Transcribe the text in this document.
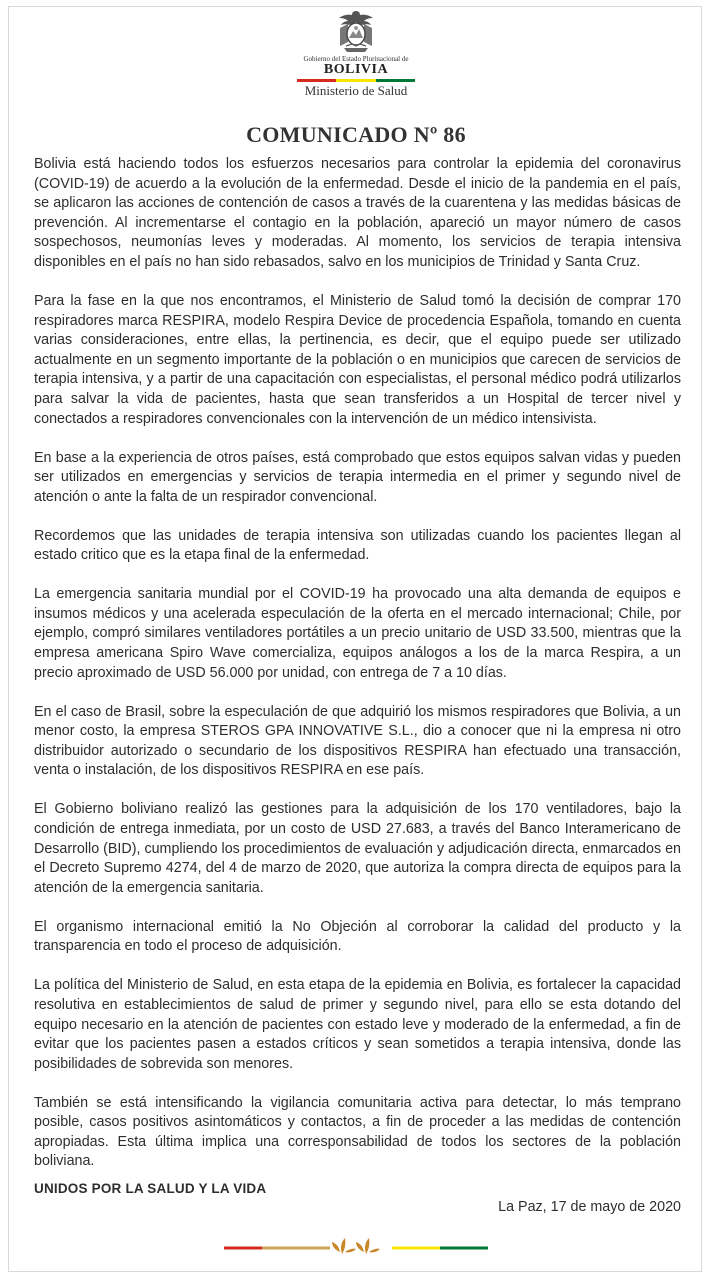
Gobierno del Estado Plurinacional de
BOLIVIA
Ministerio de Salud
COMUNICADO Nº 86

Bolivia está haciendo todos los esfuerzos necesarios para controlar la epidemia del coronavirus (COVID-19) de acuerdo a la evolución de la enfermedad. Desde el inicio de la pandemia en el país, se aplicaron las acciones de contención de casos a través de la cuarentena y las medidas básicas de prevención. Al incrementarse el contagio en la población, apareció un mayor número de casos sospechosos, neumonías leves y moderadas. Al momento, los servicios de terapia intensiva disponibles en el país no han sido rebasados, salvo en los municipios de Trinidad y Santa Cruz.

Para la fase en la que nos encontramos, el Ministerio de Salud tomó la decisión de comprar 170 respiradores marca RESPIRA, modelo Respira Device de procedencia Española, tomando en cuenta varias consideraciones, entre ellas, la pertinencia, es decir, que el equipo puede ser utilizado actualmente en un segmento importante de la población o en municipios que carecen de servicios de terapia intensiva, y a partir de una capacitación con especialistas, el personal médico podrá utilizarlos para salvar la vida de pacientes, hasta que sean transferidos a un Hospital de tercer nivel y conectados a respiradores convencionales con la intervención de un médico intensivista.

En base a la experiencia de otros países, está comprobado que estos equipos salvan vidas y pueden ser utilizados en emergencias y servicios de terapia intermedia en el primer y segundo nivel de atención o ante la falta de un respirador convencional.

Recordemos que las unidades de terapia intensiva son utilizadas cuando los pacientes llegan al estado critico que es la etapa final de la enfermedad.

La emergencia sanitaria mundial por el COVID-19 ha provocado una alta demanda de equipos e insumos médicos y una acelerada especulación de la oferta en el mercado internacional; Chile, por ejemplo, compró similares ventiladores portátiles a un precio unitario de USD 33.500, mientras que la empresa americana Spiro Wave comercializa, equipos análogos a los de la marca Respira, a un precio aproximado de USD 56.000 por unidad, con entrega de 7 a 10 días.

En el caso de Brasil, sobre la especulación de que adquirió los mismos respiradores que Bolivia, a un menor costo, la empresa STEROS GPA INNOVATIVE S.L., dio a conocer que ni la empresa ni otro distribuidor autorizado o secundario de los dispositivos RESPIRA han efectuado una transacción, venta o instalación, de los dispositivos RESPIRA en ese país.

El Gobierno boliviano realizó las gestiones para la adquisición de los 170 ventiladores, bajo la condición de entrega inmediata, por un costo de USD 27.683, a través del Banco Interamericano de Desarrollo (BID), cumpliendo los procedimientos de evaluación y adjudicación directa, enmarcados en el Decreto Supremo 4274, del 4 de marzo de 2020, que autoriza la compra directa de equipos para la atención de la emergencia sanitaria.

El organismo internacional emitió la No Objeción al corroborar la calidad del producto y la transparencia en todo el proceso de adquisición.

La política del Ministerio de Salud, en esta etapa de la epidemia en Bolivia, es fortalecer la capacidad resolutiva en establecimientos de salud de primer y segundo nivel, para ello se esta dotando del equipo necesario en la atención de pacientes con estado leve y moderado de la enfermedad, a fin de evitar que los pacientes pasen a estados críticos y sean sometidos a terapia intensiva, donde las posibilidades de sobrevida son menores.

También se está intensificando la vigilancia comunitaria activa para detectar, lo más temprano posible, casos positivos asintomáticos y contactos, a fin de proceder a las medidas de contención apropiadas. Esta última implica una corresponsabilidad de todos los sectores de la población boliviana.

UNIDOS POR LA SALUD Y LA VIDA
La Paz, 17 de mayo de 2020
